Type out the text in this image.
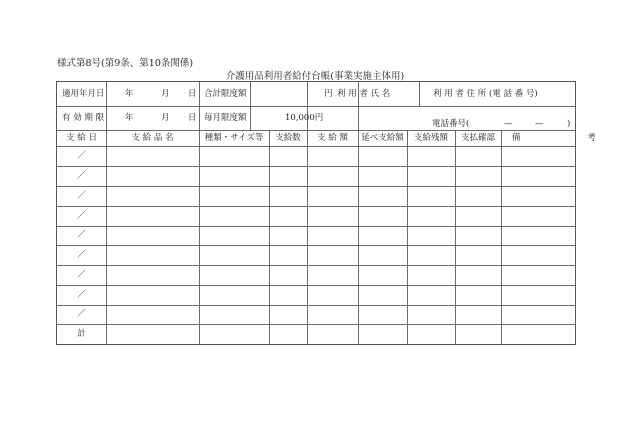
様式第8号(第9条、第10条関係)
介護用品利用者給付台帳(事業実施主体用)
適用年月日 年	月 日 合計限度額	円 利 用 者 氏 名	利 用 者 住 所 (電 話 番 号)
有 効 期 限 年	月 日 毎月限度額	10,000円
電話番号(	—	—	)
支 給 日	支 給 品 名	種類・サイズ等	支給数	支 給 額	延べ支給額	支給残額	支払確認	備 考
／
／
／
／
／
／
／
／
／
計
